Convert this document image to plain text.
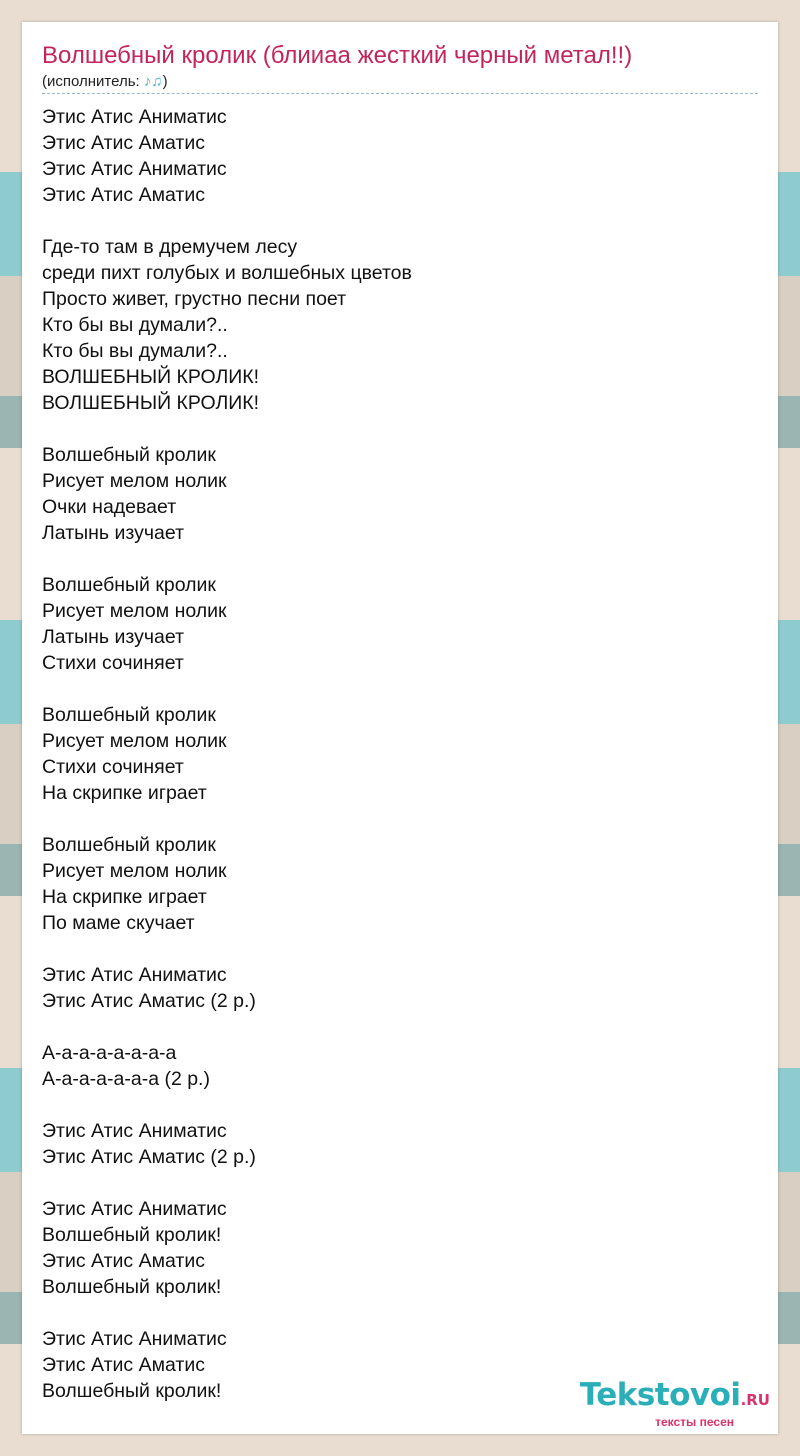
Волшебный кролик (блииаа жесткий черный метал!!)
(исполнитель: ♪♫)
Этис Атис Аниматис
Этис Атис Аматис
Этис Атис Аниматис
Этис Атис Аматис

Где-то там в дремучем лесу
среди пихт голубых и волшебных цветов
Просто живет, грустно песни поет
Кто бы вы думали?..
Кто бы вы думали?..
ВОЛШЕБНЫЙ КРОЛИК!
ВОЛШЕБНЫЙ КРОЛИК!

Волшебный кролик
Рисует мелом нолик
Очки надевает
Латынь изучает

Волшебный кролик
Рисует мелом нолик
Латынь изучает
Стихи сочиняет

Волшебный кролик
Рисует мелом нолик
Стихи сочиняет
На скрипке играет

Волшебный кролик
Рисует мелом нолик
На скрипке играет
По маме скучает

Этис Атис Аниматис
Этис Атис Аматис (2 р.)

А-а-а-а-а-а-а-а
А-а-а-а-а-а-а (2 р.)

Этис Атис Аниматис
Этис Атис Аматис (2 р.)

Этис Атис Аниматис
Волшебный кролик!
Этис Атис Аматис
Волшебный кролик!

Этис Атис Аниматис
Этис Атис Аматис
Волшебный кролик!	Tekstovoi.RU
тексты песен
